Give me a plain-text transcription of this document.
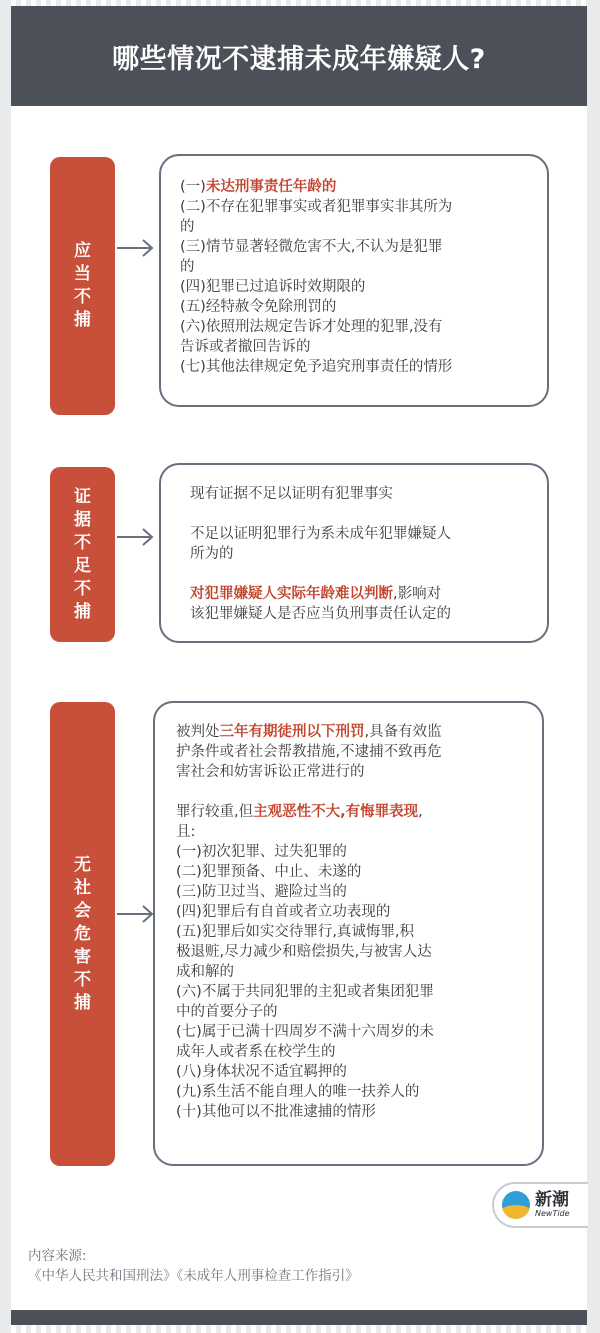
哪些情况不逮捕未成年嫌疑人?
应当不捕
(一)未达刑事责任年龄的
(二)不存在犯罪事实或者犯罪事实非其所为
的
(三)情节显著轻微危害不大,不认为是犯罪
的
(四)犯罪已过追诉时效期限的
(五)经特赦令免除刑罚的
(六)依照刑法规定告诉才处理的犯罪,没有
告诉或者撤回告诉的
(七)其他法律规定免予追究刑事责任的情形
证据不足不捕
现有证据不足以证明有犯罪事实
不足以证明犯罪行为系未成年犯罪嫌疑人
所为的
对犯罪嫌疑人实际年龄难以判断,影响对
该犯罪嫌疑人是否应当负刑事责任认定的
无社会危害不捕
被判处三年有期徒刑以下刑罚,具备有效监
护条件或者社会帮教措施,不逮捕不致再危
害社会和妨害诉讼正常进行的
罪行较重,但主观恶性不大,有悔罪表现,
且:
(一)初次犯罪、过失犯罪的
(二)犯罪预备、中止、未遂的
(三)防卫过当、避险过当的
(四)犯罪后有自首或者立功表现的
(五)犯罪后如实交待罪行,真诚悔罪,积
极退赃,尽力减少和赔偿损失,与被害人达
成和解的
(六)不属于共同犯罪的主犯或者集团犯罪
中的首要分子的
(七)属于已满十四周岁不满十六周岁的未
成年人或者系在校学生的
(八)身体状况不适宜羁押的
(九)系生活不能自理人的唯一扶养人的
(十)其他可以不批准逮捕的情形
新潮
NewTide
内容来源:
《中华人民共和国刑法》《未成年人刑事检查工作指引》
